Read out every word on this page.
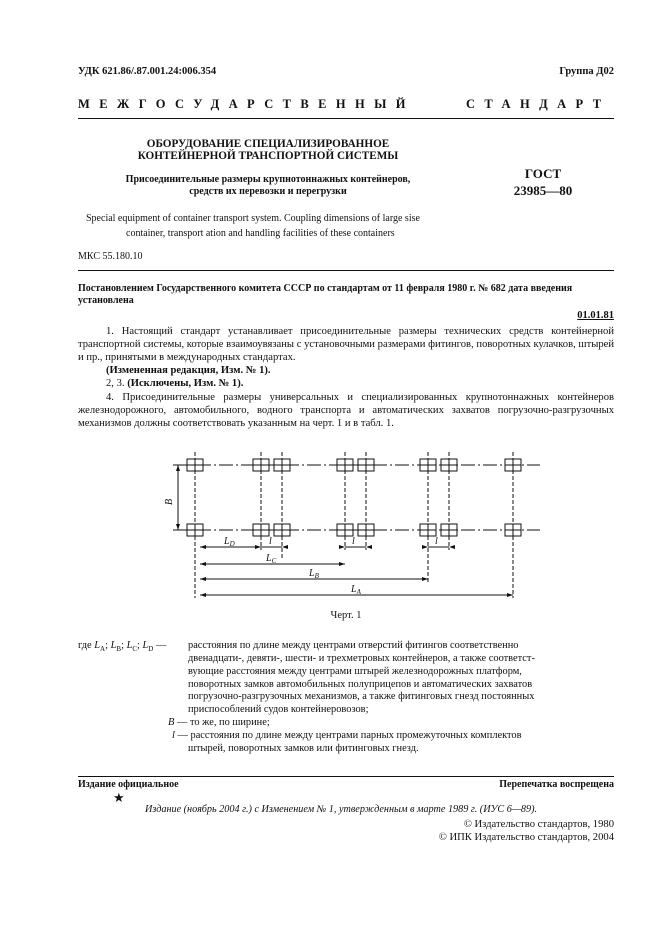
УДК 621.86/.87.001.24:006.354	Группа Д02
МЕЖГОСУДАРСТВЕННЫЙ	СТАНДАРТ
ОБОРУДОВАНИЕ СПЕЦИАЛИЗИРОВАННОЕ
КОНТЕЙНЕРНОЙ ТРАНСПОРТНОЙ СИСТЕМЫ
Присоединительные размеры крупнотоннажных контейнеров,
средств их перевозки и перегрузки
ГОСТ
23985—80
Special equipment of container transport system. Coupling dimensions of large sise
container, transport ation and handling facilities of these containers
МКС 55.180.10
Постановлением Государственного комитета СССР по стандартам от 11 февраля 1980 г. № 682 дата введения установлена
01.01.81
1. Настоящий стандарт устанавливает присоединительные размеры технических средств контейнерной транспортной системы, которые взаимоувязаны с установочными размерами фитингов, поворотных кулачков, штырей и пр., принятыми в международных стандартах.
(Измененная редакция, Изм. № 1).
2, 3. (Исключены, Изм. № 1).
4. Присоединительные размеры универсальных и специализированных крупнотоннажных контейнеров железнодорожного, автомобильного, водного транспорта и автоматических захватов погрузочно-разгрузочных механизмов должны соответствовать указанным на черт. 1 и в табл. 1.
B
$L_D$	l	l	l
$L_C$
$L_B$
$L_A$
Черт. 1
где $L_A$; $L_B$; $L_C$; $L_D$ — расстояния по длине между центрами отверстий фитингов соответственно
двенадцати-, девяти-, шести- и трехметровых контейнеров, а также соответст-
вующие расстояния между центрами штырей железнодорожных платформ,
поворотных замков автомобильных полуприцепов и автоматических захватов
погрузочно-разгрузочных механизмов, а также фитинговых гнезд постоянных
приспособлений судов контейнеровозов;
B — то же, по ширине;
l — расстояния по длине между центрами парных промежуточных комплектов
штырей, поворотных замков или фитинговых гнезд.
Издание официальное	Перепечатка воспрещена
★
Издание (ноябрь 2004 г.) с Изменением № 1, утвержденным в марте 1989 г. (ИУС 6—89).
© Издательство стандартов, 1980
© ИПК Издательство стандартов, 2004
